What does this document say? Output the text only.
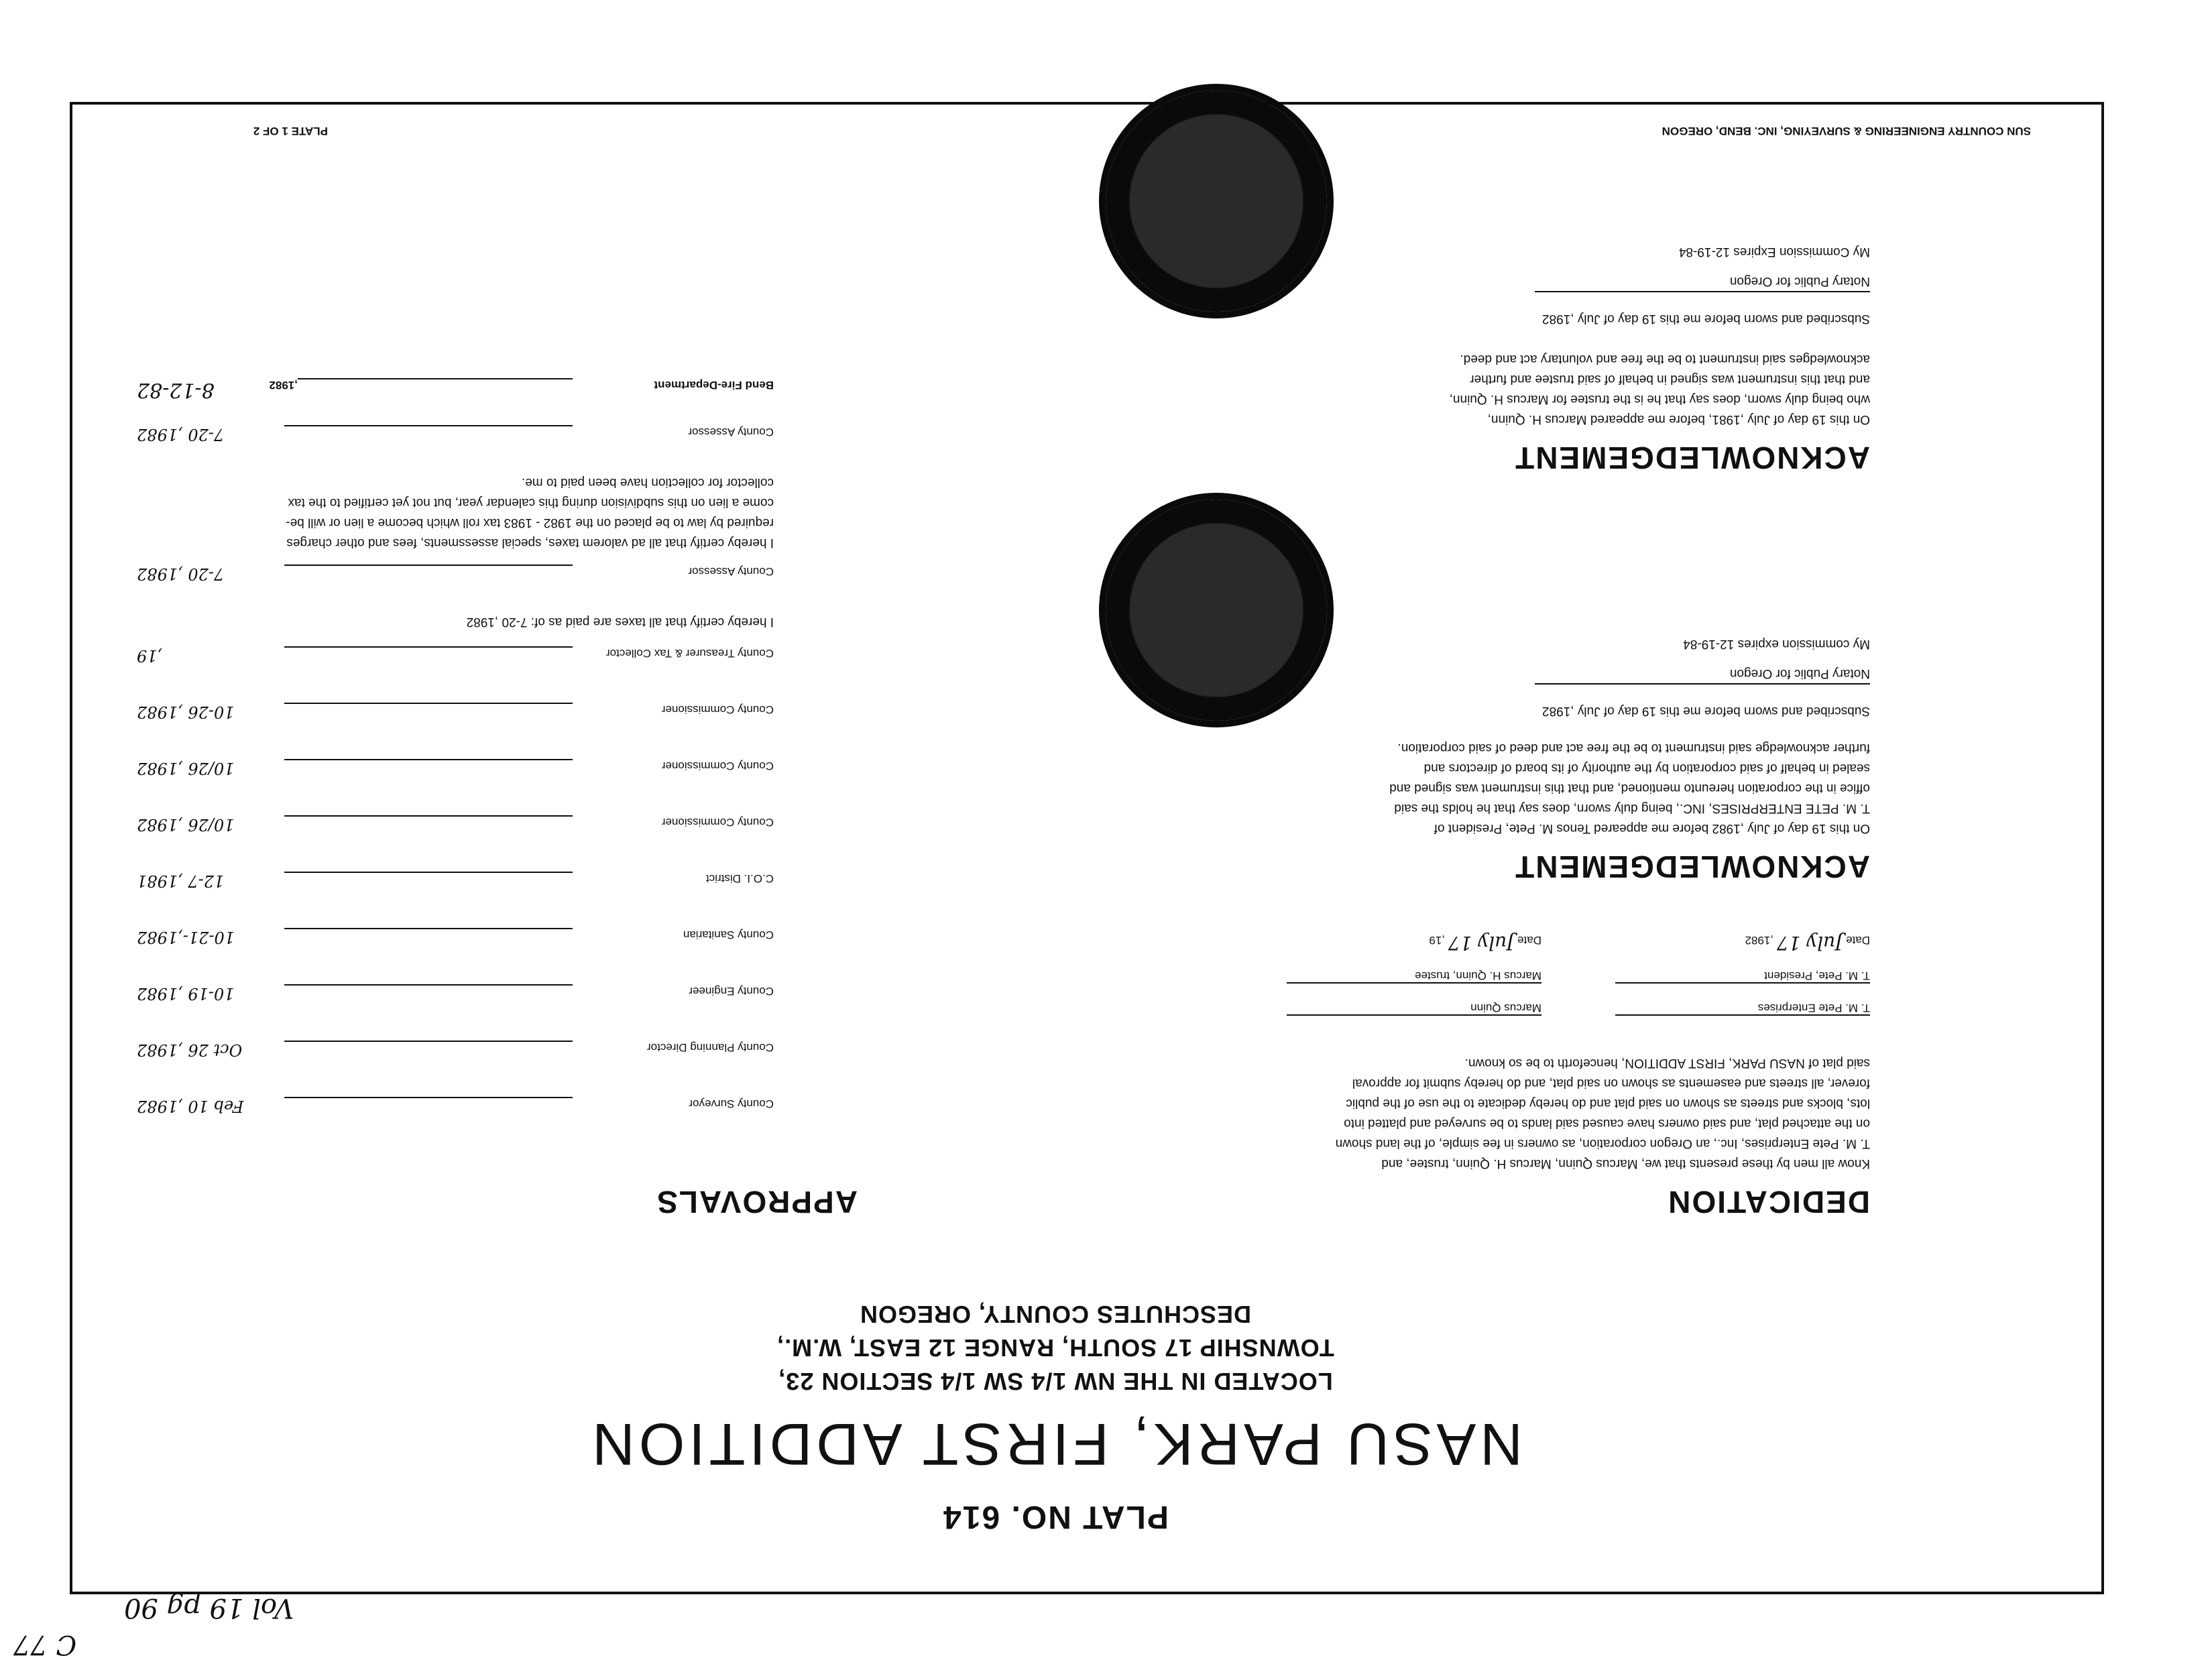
PLAT NO. 614
NASU PARK, FIRST ADDITION
LOCATED IN THE NW 1/4 SW 1/4 SECTION 23,
TOWNSHIP 17 SOUTH, RANGE 12 EAST, W.M.,
DESCHUTES COUNTY, OREGON
PLATE 1 OF 2	SUN COUNTRY ENGINEERING & SURVEYING, INC. BEND, OREGON
DEDICATION
Know all men by these presents that we, Marcus Quinn, Marcus H. Quinn, trustee, and
T. M. Pete Enterprises, Inc., an Oregon corporation, as owners in fee simple, of the land shown
on the attached plat, and said owners have caused said lands to be surveyed and platted into
lots, blocks and streets as shown on said plat and do hereby dedicate to the use of the public
forever, all streets and easements as shown on said plat, and do hereby submit for approval
said plat of NASU PARK, FIRST ADDITION, henceforth to be so known.

T. M. Pete Enterprises
T. M. Pete, President
Date July 17 ,1982

Marcus Quinn
Marcus H. Quinn, trustee
Date July 17 ,19
ACKNOWLEDGEMENT
On this 19 day of July ,1982 before me appeared Tenos M. Pete, President of
T. M. PETE ENTERPRISES, INC., being duly sworn, does say that he holds the said
office in the corporation hereunto mentioned, and that this instrument was signed and
sealed in behalf of said corporation by the authority of its board of directors and
further acknowledge said instrument to be the free act and deed of said corporation.
Subscribed and sworn before me this 19 day of July ,1982
Notary Public for Oregon
My commission expires 12-19-84
ACKNOWLEDGEMENT
On this 19 day of July ,1981, before me appeared Marcus H. Quinn,
who being duly sworn, does say that he is the trustee for Marcus H. Quinn,
and that this instrument was signed in behalf of said trustee and further
acknowledges said instrument to be the free and voluntary act and deed.
Subscribed and sworn before me this 19 day of July ,1982
Notary Public for Oregon
My Commission Expires 12-19-84
APPROVALS
County Surveyor
Feb 10 ,1982
County Planning Director
Oct 26 ,1982
County Engineer
10-19 ,1982
County Sanitarian
10-21-,1982
C.O.I. District
12-7 ,1981
County Commissioner
10/26 ,1982
County Commissioner
10/26 ,1982
County Commissioner
10-26 ,1982
County Treasurer & Tax Collector
,19
I hereby certify that all taxes are paid as of: 7-20 ,1982
County Assessor
7-20 ,1982
I hereby certify that all ad valorem taxes, special assessments, fees and other charges
required by law to be placed on the 1982 - 1983 tax roll which become a lien or will be-
come a lien on this subdivision during this calendar year, but not yet certified to the tax
collector for collection have been paid to me.
County Assessor
7-20 ,1982
Bend Fire-Department
,1982
8-12-82
Vol 19 pg 90
C 77
